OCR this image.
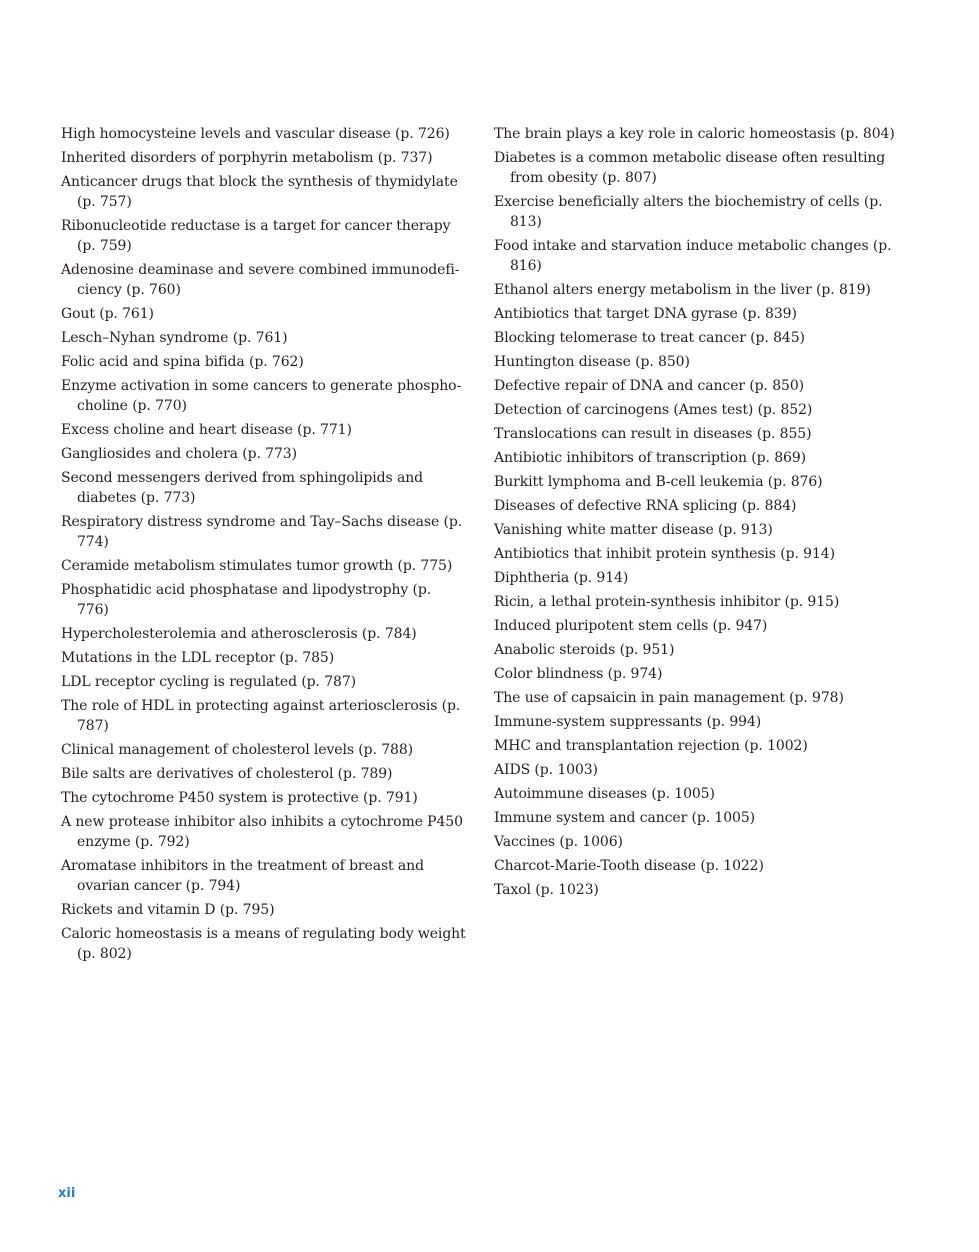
High homocysteine levels and vascular disease (p. 726)
Inherited disorders of porphyrin metabolism (p. 737)
Anticancer drugs that block the synthesis of thymidylate (p. 757)
Ribonucleotide reductase is a target for cancer therapy (p. 759)
Adenosine deaminase and severe combined immunodefi-ciency (p. 760)
Gout (p. 761)
Lesch–Nyhan syndrome (p. 761)
Folic acid and spina bifida (p. 762)
Enzyme activation in some cancers to generate phospho-choline (p. 770)
Excess choline and heart disease (p. 771)
Gangliosides and cholera (p. 773)
Second messengers derived from sphingolipids and diabetes (p. 773)
Respiratory distress syndrome and Tay–Sachs disease (p. 774)
Ceramide metabolism stimulates tumor growth (p. 775)
Phosphatidic acid phosphatase and lipodystrophy (p. 776)
Hypercholesterolemia and atherosclerosis (p. 784)
Mutations in the LDL receptor (p. 785)
LDL receptor cycling is regulated (p. 787)
The role of HDL in protecting against arteriosclerosis (p. 787)
Clinical management of cholesterol levels (p. 788)
Bile salts are derivatives of cholesterol (p. 789)
The cytochrome P450 system is protective (p. 791)
A new protease inhibitor also inhibits a cytochrome P450 enzyme (p. 792)
Aromatase inhibitors in the treatment of breast and ovarian cancer (p. 794)
Rickets and vitamin D (p. 795)
Caloric homeostasis is a means of regulating body weight (p. 802)
The brain plays a key role in caloric homeostasis (p. 804)
Diabetes is a common metabolic disease often resulting from obesity (p. 807)
Exercise beneficially alters the biochemistry of cells (p. 813)
Food intake and starvation induce metabolic changes (p. 816)
Ethanol alters energy metabolism in the liver (p. 819)
Antibiotics that target DNA gyrase (p. 839)
Blocking telomerase to treat cancer (p. 845)
Huntington disease (p. 850)
Defective repair of DNA and cancer (p. 850)
Detection of carcinogens (Ames test) (p. 852)
Translocations can result in diseases (p. 855)
Antibiotic inhibitors of transcription (p. 869)
Burkitt lymphoma and B-cell leukemia (p. 876)
Diseases of defective RNA splicing (p. 884)
Vanishing white matter disease (p. 913)
Antibiotics that inhibit protein synthesis (p. 914)
Diphtheria (p. 914)
Ricin, a lethal protein-synthesis inhibitor (p. 915)
Induced pluripotent stem cells (p. 947)
Anabolic steroids (p. 951)
Color blindness (p. 974)
The use of capsaicin in pain management (p. 978)
Immune-system suppressants (p. 994)
MHC and transplantation rejection (p. 1002)
AIDS (p. 1003)
Autoimmune diseases (p. 1005)
Immune system and cancer (p. 1005)
Vaccines (p. 1006)
Charcot-Marie-Tooth disease (p. 1022)
Taxol (p. 1023)
xii
